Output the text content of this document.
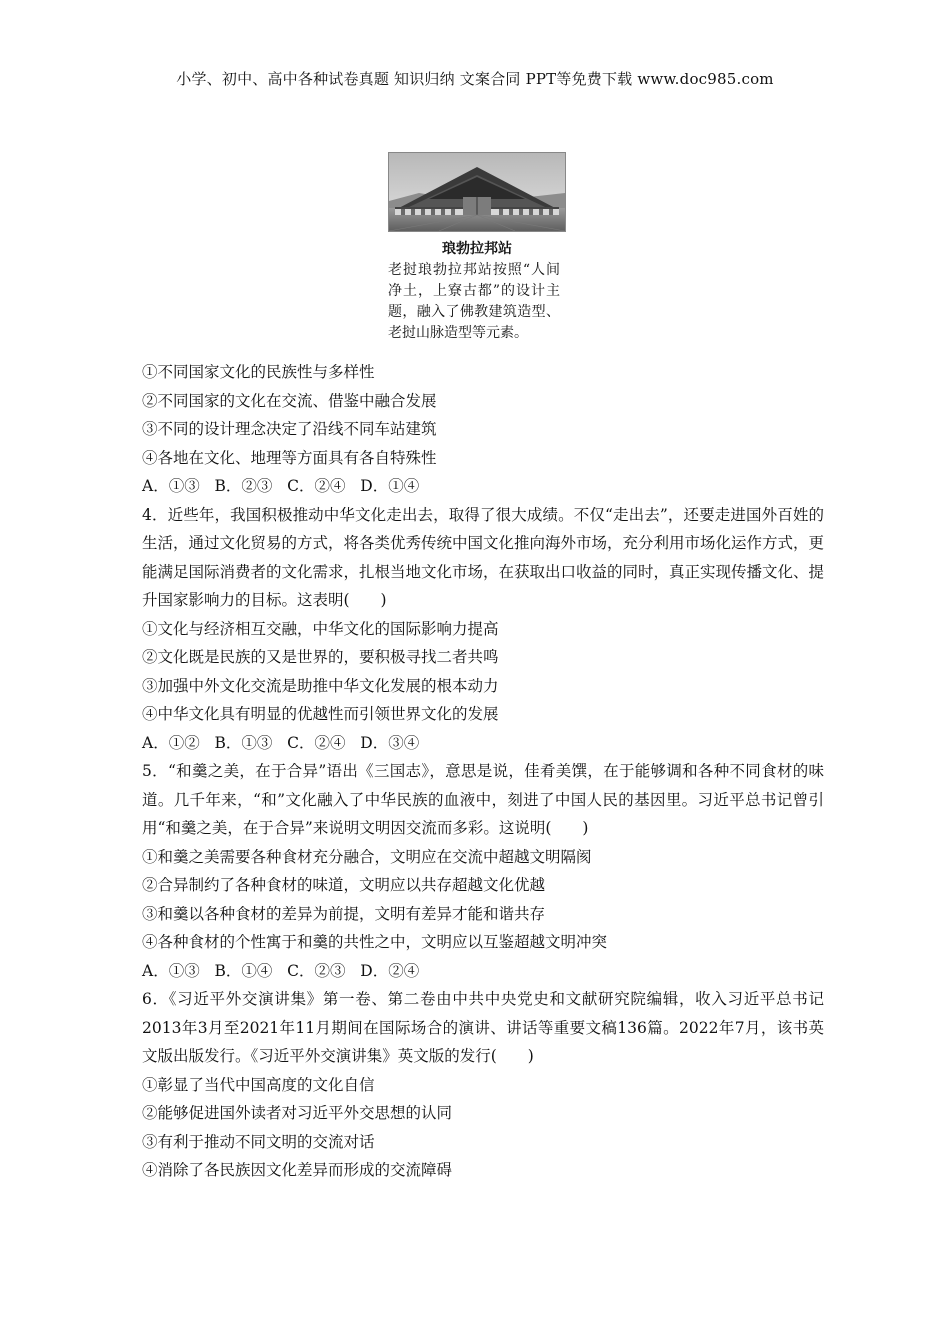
小学、初中、高中各种试卷真题 知识归纳 文案合同 PPT等免费下载 www.doc985.com
琅勃拉邦站
老挝琅勃拉邦站按照“人间净土，上寮古都”的设计主题，融入了佛教建筑造型、老挝山脉造型等元素。
①不同国家文化的民族性与多样性
②不同国家的文化在交流、借鉴中融合发展
③不同的设计理念决定了沿线不同车站建筑
④各地在文化、地理等方面具有各自特殊性
A．①③   B．②③   C．②④   D．①④
4．近些年，我国积极推动中华文化走出去，取得了很大成绩。不仅“走出去”，还要走进国外百姓的生活，通过文化贸易的方式，将各类优秀传统中国文化推向海外市场，充分利用市场化运作方式，更能满足国际消费者的文化需求，扎根当地文化市场，在获取出口收益的同时，真正实现传播文化、提升国家影响力的目标。这表明(　　)
①文化与经济相互交融，中华文化的国际影响力提高
②文化既是民族的又是世界的，要积极寻找二者共鸣
③加强中外文化交流是助推中华文化发展的根本动力
④中华文化具有明显的优越性而引领世界文化的发展
A．①②   B．①③   C．②④   D．③④
5．“和羹之美，在于合异”语出《三国志》，意思是说，佳肴美馔，在于能够调和各种不同食材的味道。几千年来，“和”文化融入了中华民族的血液中，刻进了中国人民的基因里。习近平总书记曾引用“和羹之美，在于合异”来说明文明因交流而多彩。这说明(　　)
①和羹之美需要各种食材充分融合，文明应在交流中超越文明隔阂
②合异制约了各种食材的味道，文明应以共存超越文化优越
③和羹以各种食材的差异为前提，文明有差异才能和谐共存
④各种食材的个性寓于和羹的共性之中，文明应以互鉴超越文明冲突
A．①③   B．①④   C．②③   D．②④
6．《习近平外交演讲集》第一卷、第二卷由中共中央党史和文献研究院编辑，收入习近平总书记2013年3月至2021年11月期间在国际场合的演讲、讲话等重要文稿136篇。2022年7月，该书英文版出版发行。《习近平外交演讲集》英文版的发行(　　)
①彰显了当代中国高度的文化自信
②能够促进国外读者对习近平外交思想的认同
③有利于推动不同文明的交流对话
④消除了各民族因文化差异而形成的交流障碍
